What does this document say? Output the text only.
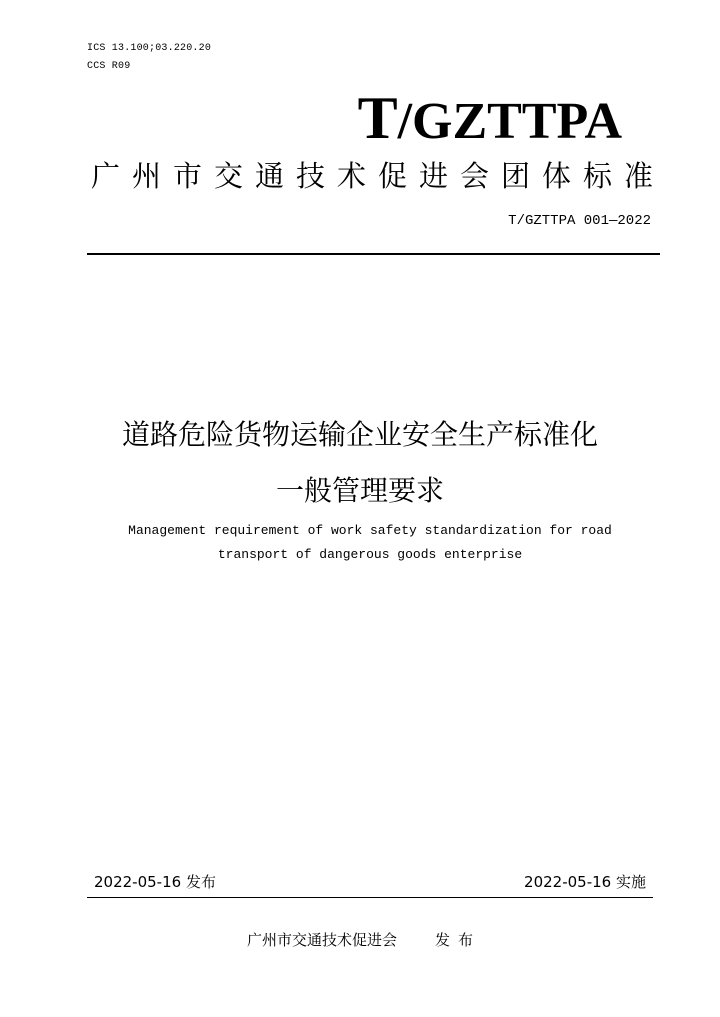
ICS 13.100;03.220.20
CCS R09
T/GZTTPA
广州市交通技术促进会团体标准
T/GZTTPA 001—2022
道路危险货物运输企业安全生产标准化
一般管理要求
Management requirement of work safety standardization for road
transport of dangerous goods enterprise
2022-05-16 发布	2022-05-16 实施
广州市交通技术促进会	发布
